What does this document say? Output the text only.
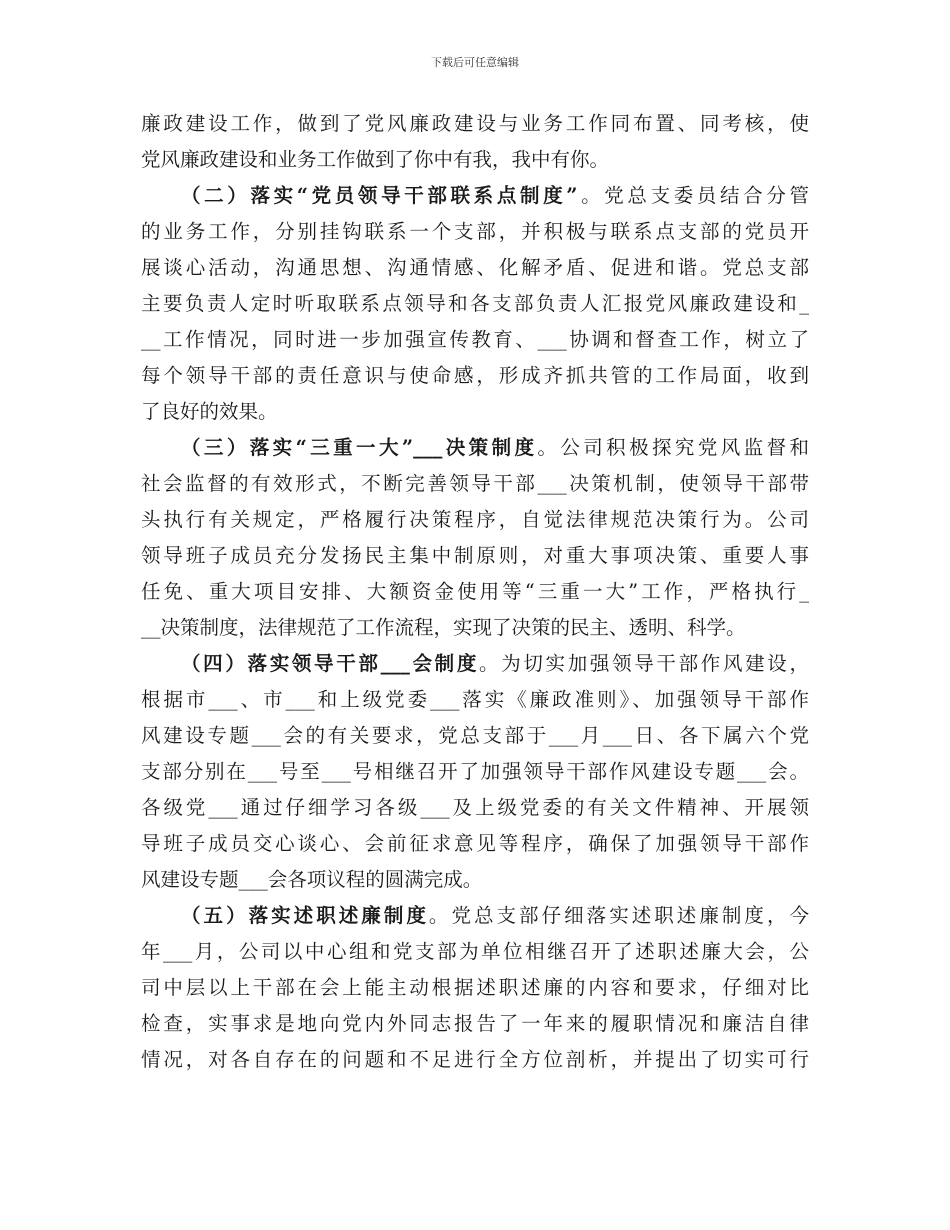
下载后可任意编辑
廉政建设工作，做到了党风廉政建设与业务工作同布置、同考核，使
党风廉政建设和业务工作做到了你中有我，我中有你。
（二）落实“党员领导干部联系点制度”。党总支委员结合分管
的业务工作，分别挂钩联系一个支部，并积极与联系点支部的党员开
展谈心活动，沟通思想、沟通情感、化解矛盾、促进和谐。党总支部
主要负责人定时听取联系点领导和各支部负责人汇报党风廉政建设和_
__工作情况，同时进一步加强宣传教育、___协调和督查工作，树立了
每个领导干部的责任意识与使命感，形成齐抓共管的工作局面，收到
了良好的效果。
（三）落实“三重一大”___决策制度。公司积极探究党风监督和
社会监督的有效形式，不断完善领导干部___决策机制，使领导干部带
头执行有关规定，严格履行决策程序，自觉法律规范决策行为。公司
领导班子成员充分发扬民主集中制原则，对重大事项决策、重要人事
任免、重大项目安排、大额资金使用等“三重一大”工作，严格执行_
__决策制度，法律规范了工作流程，实现了决策的民主、透明、科学。
（四）落实领导干部___会制度。为切实加强领导干部作风建设，
根据市___、市___和上级党委___落实《廉政准则》、加强领导干部作
风建设专题___会的有关要求，党总支部于___月___日、各下属六个党
支部分别在___号至___号相继召开了加强领导干部作风建设专题___会。
各级党___通过仔细学习各级___及上级党委的有关文件精神、开展领
导班子成员交心谈心、会前征求意见等程序，确保了加强领导干部作
风建设专题___会各项议程的圆满完成。
（五）落实述职述廉制度。党总支部仔细落实述职述廉制度，今
年___月，公司以中心组和党支部为单位相继召开了述职述廉大会，公
司中层以上干部在会上能主动根据述职述廉的内容和要求，仔细对比
检查，实事求是地向党内外同志报告了一年来的履职情况和廉洁自律
情况，对各自存在的问题和不足进行全方位剖析，并提出了切实可行
